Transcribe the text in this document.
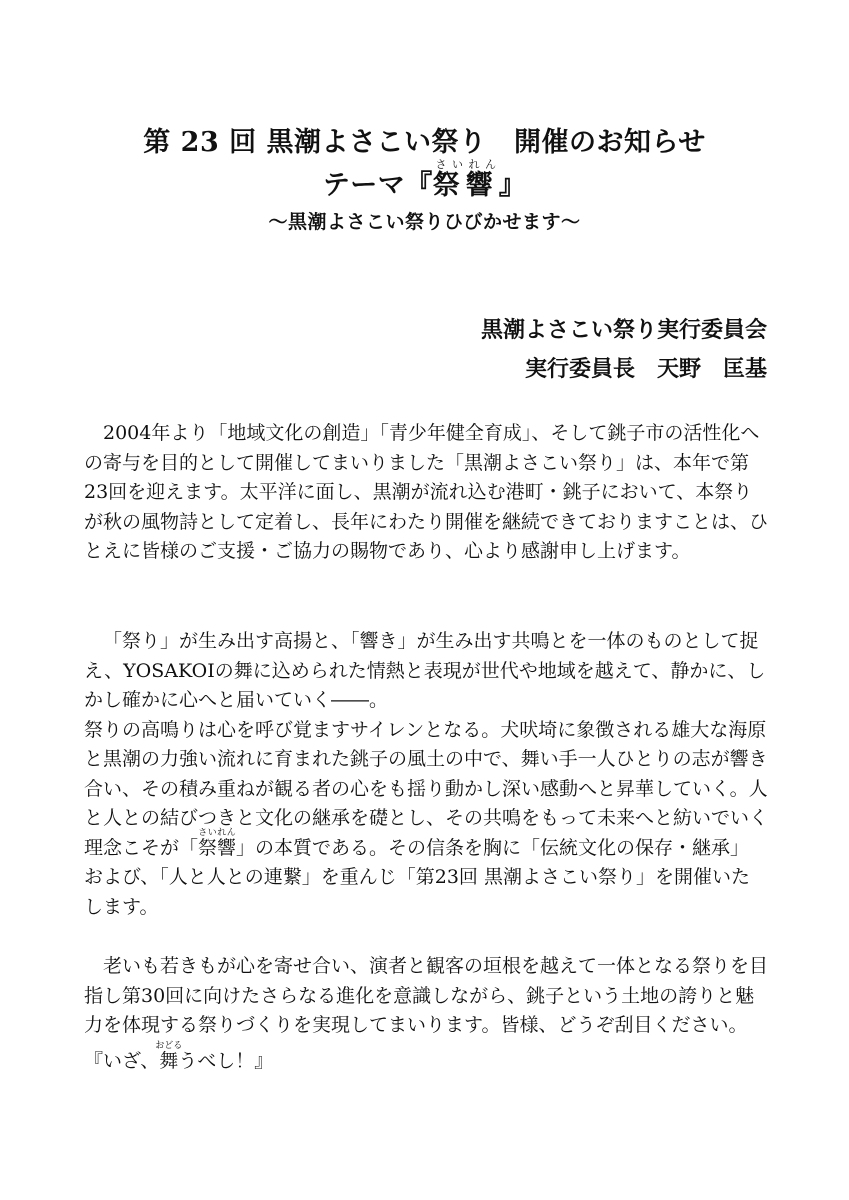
第 23 回 黒潮よさこい祭り　開催のお知らせ
テーマ『祭さい響れん』
〜黒潮よさこい祭りひびかせます〜
黒潮よさこい祭り実行委員会
実行委員長　天野　匡基

2004年より「地域文化の創造」「青少年健全育成」、そして銚子市の活性化への寄与を目的として開催してまいりました「黒潮よさこい祭り」は、本年で第23回を迎えます。太平洋に面し、黒潮が流れ込む港町・銚子において、本祭りが秋の風物詩として定着し、長年にわたり開催を継続できておりますことは、ひとえに皆様のご支援・ご協力の賜物であり、心より感謝申し上げます。

「祭り」が生み出す高揚と、「響き」が生み出す共鳴とを一体のものとして捉え、YOSAKOIの舞に込められた情熱と表現が世代や地域を越えて、静かに、しかし確かに心へと届いていく――。

祭りの高鳴りは心を呼び覚ますサイレンとなる。犬吠埼に象徴される雄大な海原と黒潮の力強い流れに育まれた銚子の風土の中で、舞い手一人ひとりの志が響き合い、その積み重ねが観る者の心をも揺り動かし深い感動へと昇華していく。人と人との結びつきと文化の継承を礎とし、その共鳴をもって未来へと紡いでいく理念こそが「祭響さいれん」の本質である。その信条を胸に「伝統文化の保存・継承」および、「人と人との連繋」を重んじ「第23回 黒潮よさこい祭り」を開催いたします。

老いも若きもが心を寄せ合い、演者と観客の垣根を越えて一体となる祭りを目指し第30回に向けたさらなる進化を意識しながら、銚子という土地の誇りと魅力を体現する祭りづくりを実現してまいります。皆様、どうぞ刮目ください。

『いざ、舞おどるうべし！』
